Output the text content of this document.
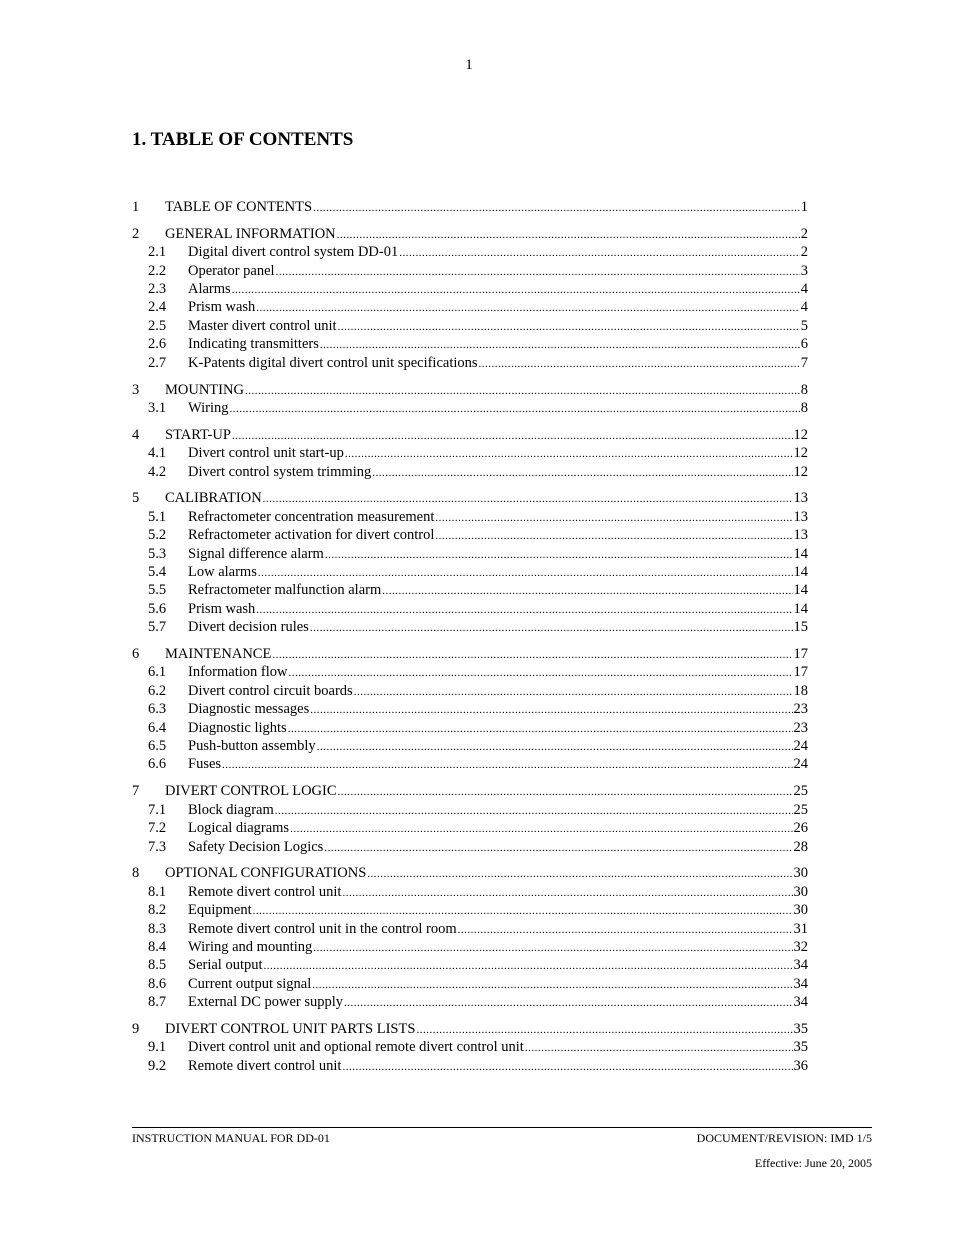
1
1. TABLE OF CONTENTS
1	TABLE OF CONTENTS .....	1
2	GENERAL INFORMATION .....	2
2.1	Digital divert control system DD-01 .....	2
2.2	Operator panel .....	3
2.3	Alarms .....	4
2.4	Prism wash .....	4
2.5	Master divert control unit .....	5
2.6	Indicating transmitters .....	6
2.7	K-Patents digital divert control unit specifications .....	7
3	MOUNTING .....	8
3.1	Wiring .....	8
4	START-UP .....	12
4.1	Divert control unit start-up .....	12
4.2	Divert control system trimming .....	12
5	CALIBRATION .....	13
5.1	Refractometer concentration measurement .....	13
5.2	Refractometer activation for divert control .....	13
5.3	Signal difference alarm .....	14
5.4	Low alarms .....	14
5.5	Refractometer malfunction alarm .....	14
5.6	Prism wash .....	14
5.7	Divert decision rules .....	15
6	MAINTENANCE .....	17
6.1	Information flow .....	17
6.2	Divert control circuit boards .....	18
6.3	Diagnostic messages .....	23
6.4	Diagnostic lights .....	23
6.5	Push-button assembly .....	24
6.6	Fuses .....	24
7	DIVERT CONTROL LOGIC .....	25
7.1	Block diagram .....	25
7.2	Logical diagrams .....	26
7.3	Safety Decision Logics .....	28
8	OPTIONAL CONFIGURATIONS .....	30
8.1	Remote divert control unit .....	30
8.2	Equipment .....	30
8.3	Remote divert control unit in the control room .....	31
8.4	Wiring and mounting .....	32
8.5	Serial output .....	34
8.6	Current output signal .....	34
8.7	External DC power supply .....	34
9	DIVERT CONTROL UNIT PARTS LISTS .....	35
9.1	Divert control unit and optional remote divert control unit .....	35
9.2	Remote divert control unit .....	36
INSTRUCTION MANUAL FOR DD-01	DOCUMENT/REVISION: IMD 1/5
Effective: June 20, 2005
